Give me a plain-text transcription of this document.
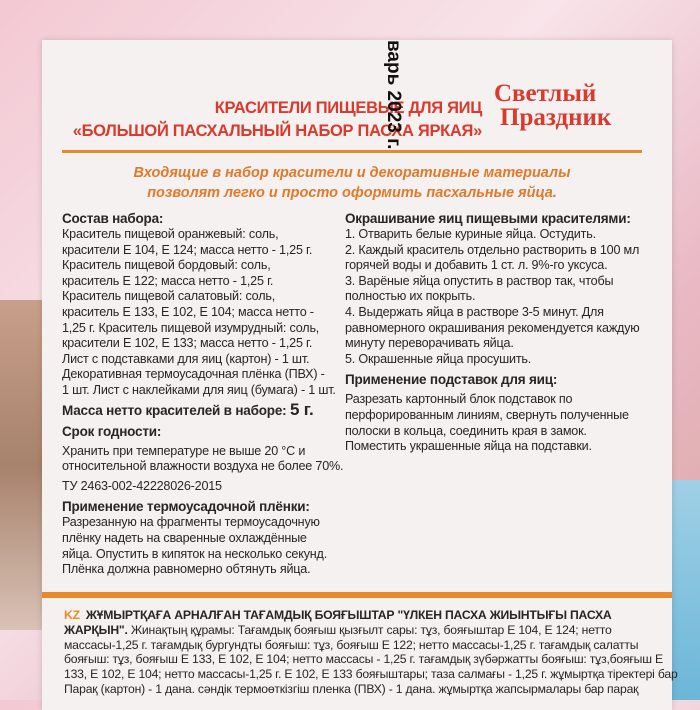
КРАСИТЕЛИ ПИЩЕВЫЕ ДЛЯ ЯИЦ
«БОЛЬШОЙ ПАСХАЛЬНЫЙ НАБОР ПАСХА ЯРКАЯ»
Светлый
Праздник
Входящие в набор красители и декоративные материалы
позволят легко и просто оформить пасхальные яйца.
Состав набора:
Краситель пищевой оранжевый: соль,
красители Е 104, Е 124; масса нетто - 1,25 г.
Краситель пищевой бордовый: соль,
краситель Е 122; масса нетто - 1,25 г.
Краситель пищевой салатовый: соль,
краситель Е 133, Е 102, Е 104; масса нетто -
1,25 г. Краситель пищевой изумрудный: соль,
красители Е 102, Е 133; масса нетто - 1,25 г.
Лист с подставками для яиц (картон) - 1 шт.
Декоративная термоусадочная плёнка (ПВХ) -
1 шт. Лист с наклейками для яиц (бумага) - 1 шт.
Масса нетто красителей в наборе: 5 г.
Срок годности:
Хранить при температуре не выше 20 °С и
относительной влажности воздуха не более 70%.
ТУ 2463-002-42228026-2015
Применение термоусадочной плёнки:
Разрезанную на фрагменты термоусадочную
плёнку надеть на сваренные охлаждённые
яйца. Опустить в кипяток на несколько секунд.
Плёнка должна равномерно обтянуть яйца.
Окрашивание яиц пищевыми красителями:
1. Отварить белые куриные яйца. Остудить.
2. Каждый краситель отдельно растворить в 100 мл
горячей воды и добавить 1 ст. л. 9%-го уксуса.
3. Варёные яйца опустить в раствор так, чтобы
полностью их покрыть.
4. Выдержать яйца в растворе 3-5 минут. Для
равномерного окрашивания рекомендуется каждую
минуту переворачивать яйца.
5. Окрашенные яйца просушить.
Применение подставок для яиц:
Разрезать картонный блок подставок по
перфорированным линиям, свернуть полученные
полоски в кольца, соединить края в замок.
Поместить украшенные яйца на подставки.
варь 2023 г.
KZ ЖҰМЫРТҚАҒА АРНАЛҒАН ТАҒАМДЫҚ БОЯҒЫШТАР "ҮЛКЕН ПАСХА ЖИЫНТЫҒЫ ПАСХА
ЖАРҚЫН". Жинақтың құрамы: Тағамдық бояғыш қызғылт сары: тұз, бояғыштар Е 104, Е 124; нетто
массасы-1,25 г. тағамдық бургундты бояғыш: тұз, бояғыш Е 122; нетто массасы-1,25 г. тағамдық салатты
бояғыш: тұз, бояғыш Е 133, Е 102, Е 104; нетто массасы - 1,25 г. тағамдық зүбәржатты бояғыш: тұз,бояғыш Е
133, Е 102, Е 104; нетто массасы-1,25 г. Е 102, Е 133 бояғыштары; таза салмағы - 1,25 г. жұмыртқа тіректері бар
Парақ (картон) - 1 дана. сәндік термоөткізгіш пленка (ПВХ) - 1 дана. жұмыртқа жапсырмалары бар парақ
